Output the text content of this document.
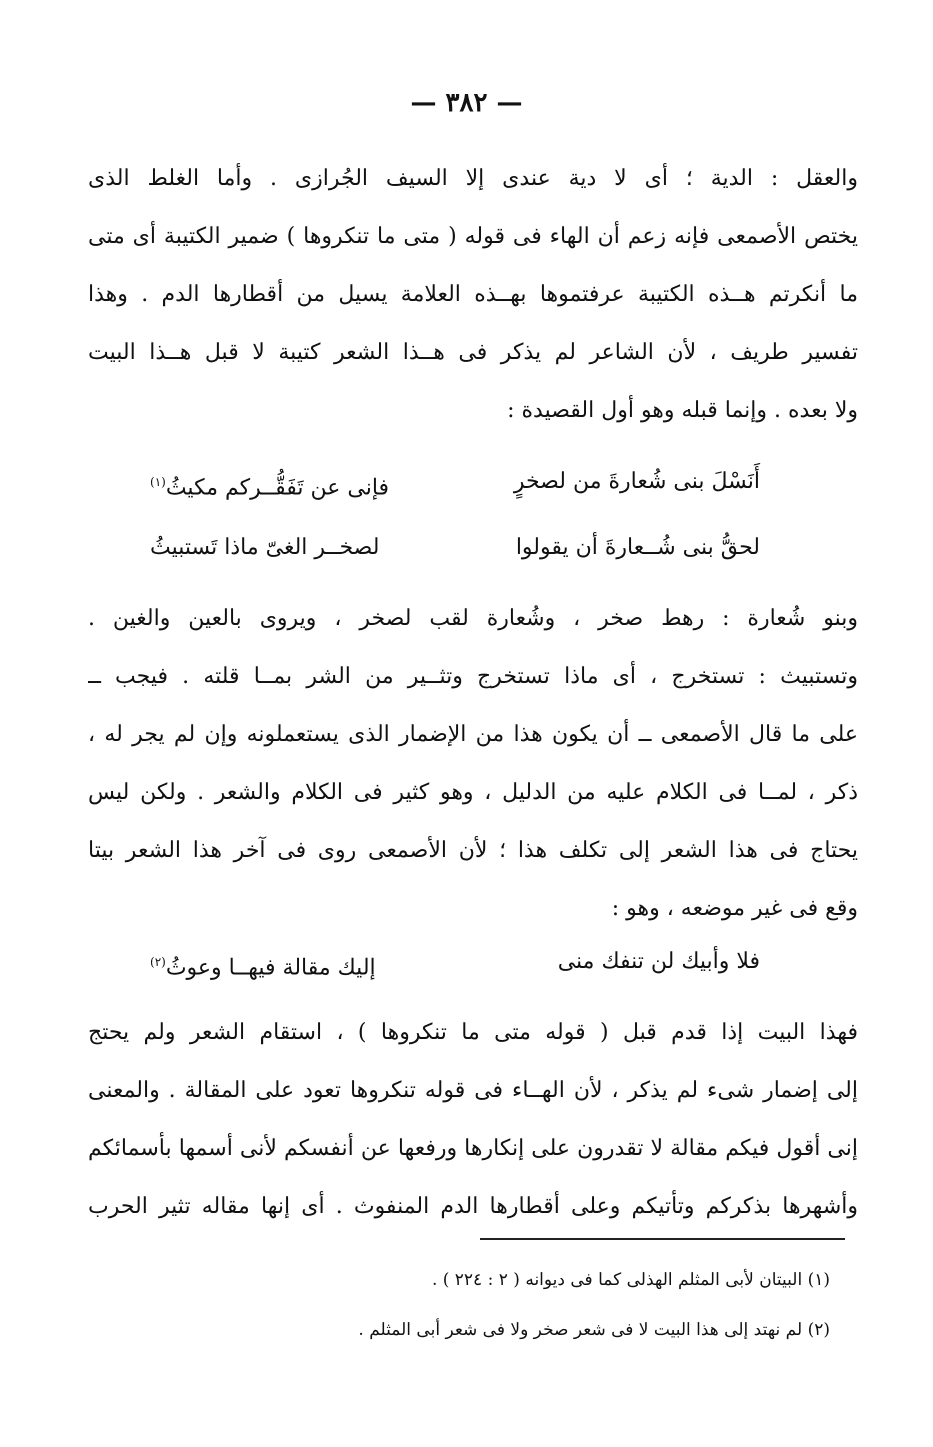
— ٣٨٢ —
والعقل : الدية ؛ أى لا دية عندى إلا السيف الجُرازى . وأما الغلط الذى
يختص الأصمعى فإنه زعم أن الهاء فى قوله ( متى ما تنكروها ) ضمير الكتيبة أى متى
ما أنكرتم هــذه الكتيبة عرفتموها بهــذه العلامة يسيل من أقطارها الدم . وهذا
تفسير طريف ، لأن الشاعر لم يذكر فى هــذا الشعر كتيبة لا قبل هــذا البيت
ولا بعده . وإنما قبله وهو أول القصيدة :
أَنَسْلَ بنى شُعارةَ من لصخرٍ
فإنى عن تَفَقُّــركم مكيثُ$^{(١)}$
لحقُّ بنى شُــعارةَ أن يقولوا
لصخــر الغىّ ماذا تَستبيثُ
وبنو شُعارة : رهط صخر ، وشُعارة لقب لصخر ، ويروى بالعين والغين .
وتستبيث : تستخرج ، أى ماذا تستخرج وتثــير من الشر بمــا قلته . فيجب ــ
على ما قال الأصمعى ــ أن يكون هذا من الإضمار الذى يستعملونه وإن لم يجر له ،
ذكر ، لمــا فى الكلام عليه من الدليل ، وهو كثير فى الكلام والشعر . ولكن ليس
يحتاج فى هذا الشعر إلى تكلف هذا ؛ لأن الأصمعى روى فى آخر هذا الشعر بيتا
وقع فى غير موضعه ، وهو :
فلا وأبيك لن تنفك منى
إليك مقالة فيهــا وعوثُ$^{(٢)}$
فهذا البيت إذا قدم قبل ( قوله متى ما تنكروها ) ، استقام الشعر ولم يحتج
إلى إضمار شىء لم يذكر ، لأن الهــاء فى قوله تنكروها تعود على المقالة . والمعنى
إنى أقول فيكم مقالة لا تقدرون على إنكارها ورفعها عن أنفسكم لأنى أسمها بأسمائكم
وأشهرها بذكركم وتأتيكم وعلى أقطارها الدم المنفوث . أى إنها مقاله تثير الحرب
(١) البيتان لأبى المثلم الهذلى كما فى ديوانه ( ٢ : ٢٢٤ ) .
(٢) لم نهتد إلى هذا البيت لا فى شعر صخر ولا فى شعر أبى المثلم .
